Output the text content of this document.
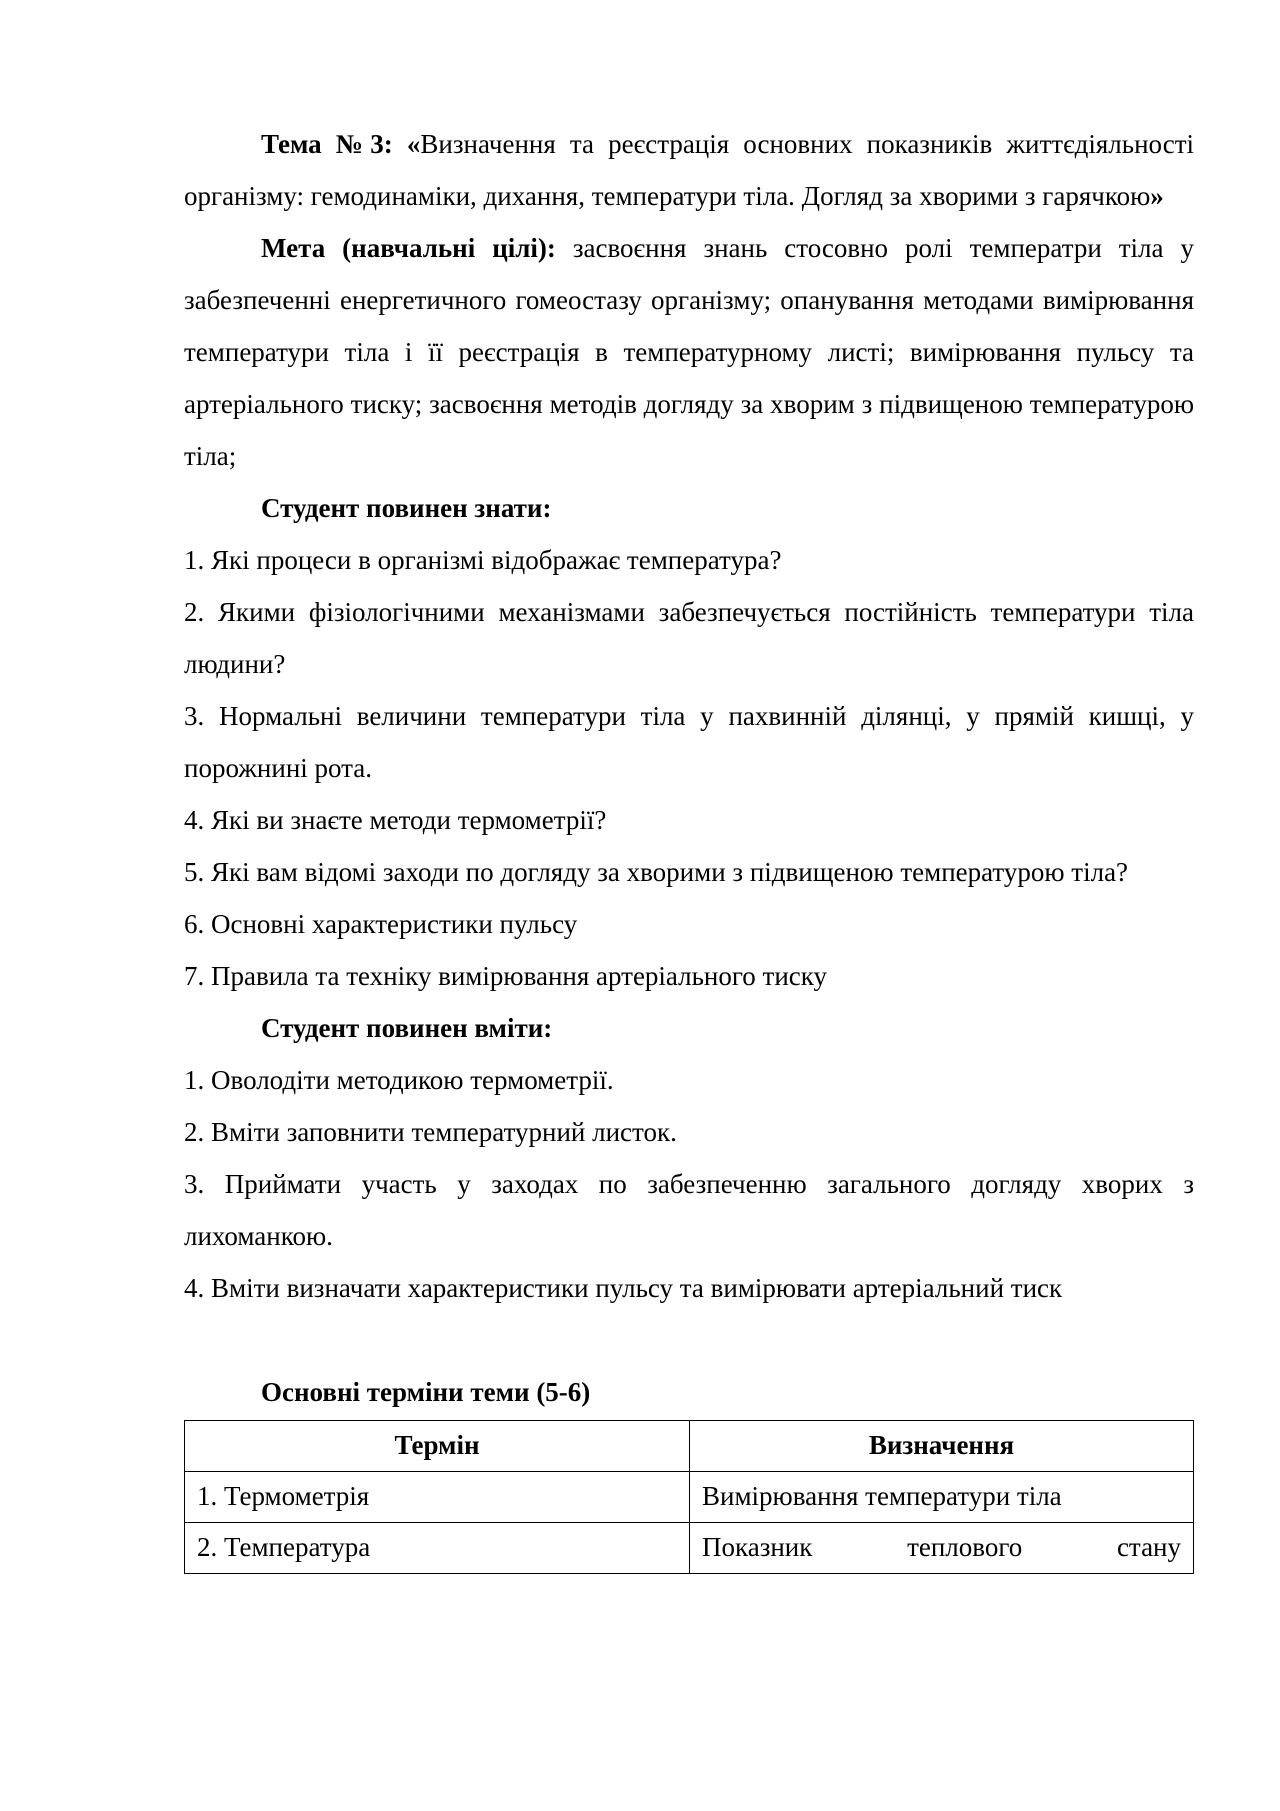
Тема №3: «Визначення та реєстрація основних показників життєдіяльності організму: гемодинаміки, дихання, температури тіла. Догляд за хворими з гарячкою»

Мета (навчальні цілі): засвоєння знань стосовно ролі температри тіла у забезпеченні енергетичного гомеостазу організму; опанування методами вимірювання температури тіла і її реєстрація в температурному листі; вимірювання пульсу та артеріального тиску; засвоєння методів догляду за хворим з підвищеною температурою тіла;

Студент повинен знати:

1. Які процеси в організмі відображає температура?

2. Якими фізіологічними механізмами забезпечується постійність температури тіла людини?

3. Нормальні величини температури тіла у пахвинній ділянці, у прямій кишці, у порожнині рота.

4. Які ви знаєте методи термометрії?

5. Які вам відомі заходи по догляду за хворими з підвищеною температурою тіла?

6. Основні характеристики пульсу

7. Правила та техніку вимірювання артеріального тиску

Студент повинен вміти:

1. Оволодіти методикою термометрії.

2. Вміти заповнити температурний листок.

3. Приймати участь у заходах по забезпеченню загального догляду хворих з лихоманкою.

4. Вміти визначати характеристики пульсу та вимірювати артеріальний тиск

Основні терміни теми (5-6)

Термін	Визначення
1. Термометрія	Вимірювання температури тіла
2. Температура	Показник теплового стану
